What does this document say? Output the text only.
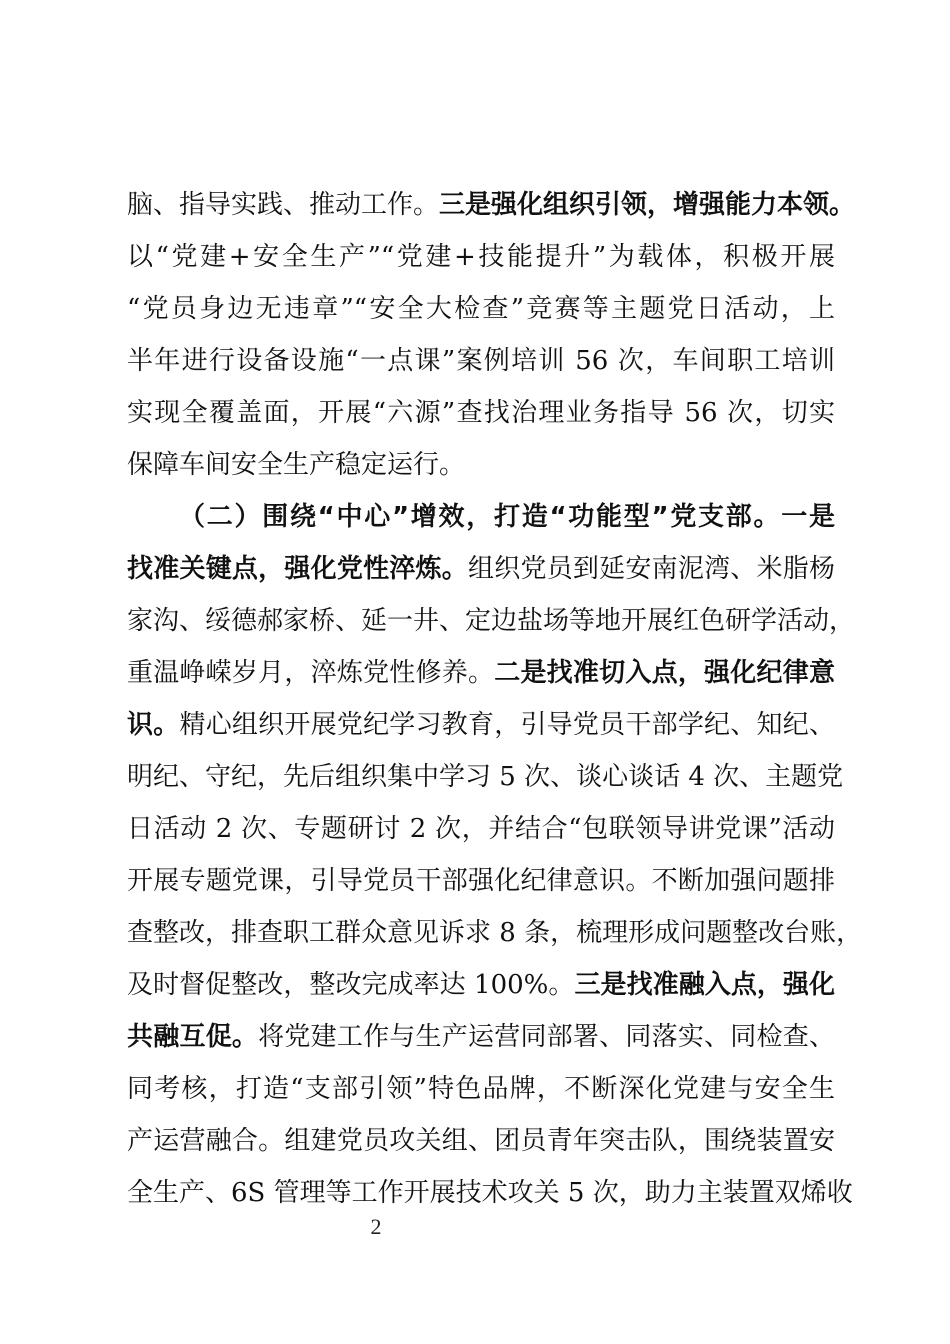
脑、指导实践、推动工作。三是强化组织引领，增强能力本领。
以“党建+安全生产”“党建+技能提升”为载体，积极开展
“党员身边无违章”“安全大检查”竞赛等主题党日活动，上
半年进行设备设施“一点课”案例培训 56 次，车间职工培训
实现全覆盖面，开展“六源”查找治理业务指导 56 次，切实
保障车间安全生产稳定运行。
（二）围绕“中心”增效，打造“功能型”党支部。一是
找准关键点，强化党性淬炼。组织党员到延安南泥湾、米脂杨
家沟、绥德郝家桥、延一井、定边盐场等地开展红色研学活动，
重温峥嵘岁月，淬炼党性修养。二是找准切入点，强化纪律意
识。精心组织开展党纪学习教育，引导党员干部学纪、知纪、
明纪、守纪，先后组织集中学习 5 次、谈心谈话 4 次、主题党
日活动 2 次、专题研讨 2 次，并结合“包联领导讲党课”活动
开展专题党课，引导党员干部强化纪律意识。不断加强问题排
查整改，排查职工群众意见诉求 8 条，梳理形成问题整改台账，
及时督促整改，整改完成率达 100%。三是找准融入点，强化
共融互促。将党建工作与生产运营同部署、同落实、同检查、
同考核，打造“支部引领”特色品牌，不断深化党建与安全生
产运营融合。组建党员攻关组、团员青年突击队，围绕装置安
全生产、6S 管理等工作开展技术攻关 5 次，助力主装置双烯收
2
